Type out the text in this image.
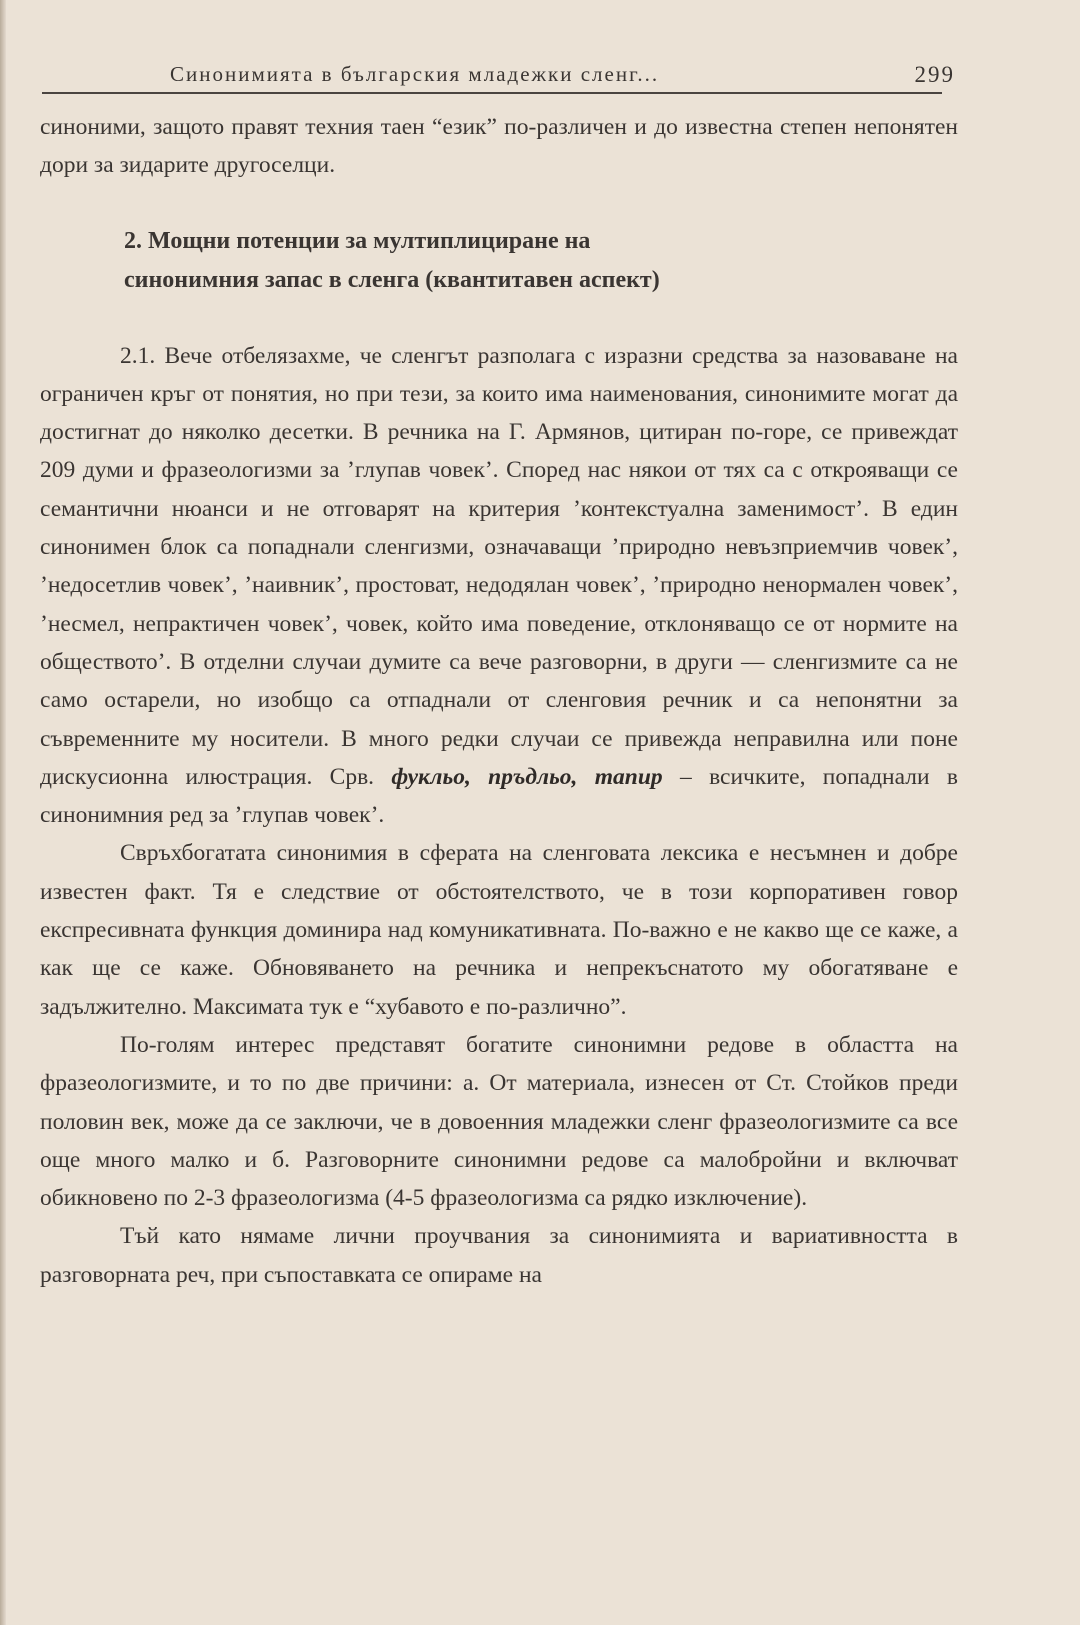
Синонимията в българския младежки сленг...	299

синоними, защото правят техния таен “език” по-различен и до известна степен непонятен дори за зидарите другоселци.

2. Мощни потенции за мултиплициране на
синонимния запас в сленга (квантитавен аспект)

2.1. Вече отбелязахме, че сленгът разполага с изразни средства за назоваване на ограничен кръг от понятия, но при тези, за които има наименования, синонимите могат да достигнат до няколко десетки. В речника на Г. Армянов, цитиран по-горе, се привеждат 209 думи и фразеологизми за ’глупав човек’. Според нас някои от тях са с открояващи се семантични нюанси и не отговарят на критерия ’контекстуална заменимост’. В един синонимен блок са попаднали сленгизми, означаващи ’природно невъзприемчив човек’, ’недосетлив човек’, ’наивник’, простоват, недодялан човек’, ’природно ненормален човек’, ’несмел, непрактичен човек’, човек, който има поведение, отклоняващо се от нормите на обществото’. В отделни случаи думите са вече разговорни, в други — сленгизмите са не само остарели, но изобщо са отпаднали от сленговия речник и са непонятни за съвременните му носители. В много редки случаи се привежда неправилна или поне дискусионна илюстрация. Срв. фукльо, пръдльо, тапир – всичките, попаднали в синонимния ред за ’глупав човек’.

Свръхбогатата синонимия в сферата на сленговата лексика е несъмнен и добре известен факт. Тя е следствие от обстоятелството, че в този корпоративен говор експресивната функция доминира над комуникативната. По-важно е не какво ще се каже, а как ще се каже. Обновяването на речника и непрекъснатото му обогатяване е задължително. Максимата тук е “хубавото е по-различно”.

По-голям интерес представят богатите синонимни редове в областта на фразеологизмите, и то по две причини: а. От материала, изнесен от Ст. Стойков преди половин век, може да се заключи, че в довоенния младежки сленг фразеологизмите са все още много малко и б. Разговорните синонимни редове са малобройни и включват обикновено по 2-3 фразеологизма (4-5 фразеологизма са рядко изключение).

Тъй като нямаме лични проучвания за синонимията и вариативността в разговорната реч, при съпоставката се опираме на
